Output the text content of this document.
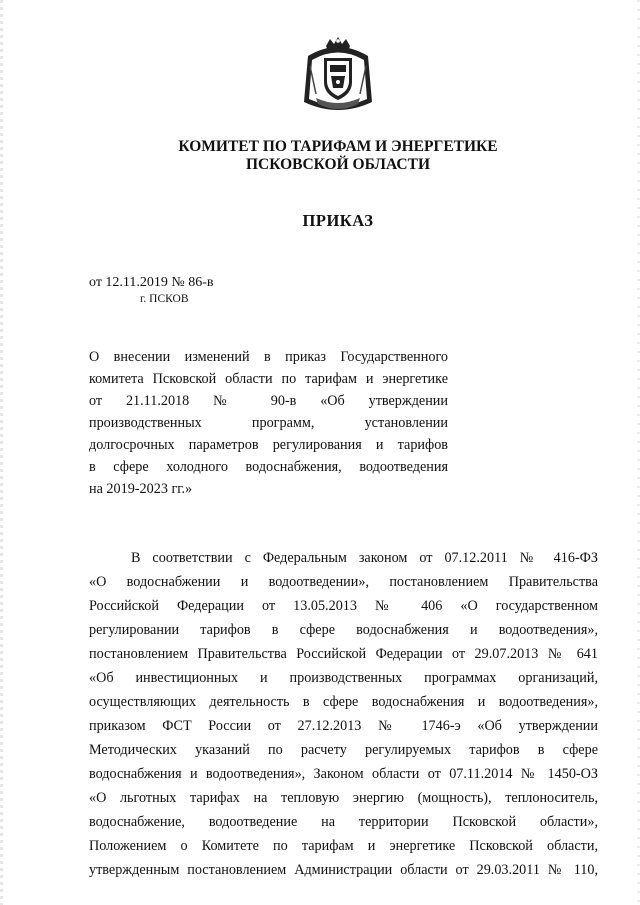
КОМИТЕТ ПО ТАРИФАМ И ЭНЕРГЕТИКЕ
ПСКОВСКОЙ ОБЛАСТИ
ПРИКАЗ
от 12.11.2019 № 86-в
г. ПСКОВ
О внесении изменений в приказ Государственного
комитета Псковской области по тарифам и энергетике
от 21.11.2018 № 90-в «Об утверждении
производственных программ, установлении
долгосрочных параметров регулирования и тарифов
в сфере холодного водоснабжения, водоотведения
на 2019-2023 гг.»
В соответствии с Федеральным законом от 07.12.2011 № 416-ФЗ
«О водоснабжении и водоотведении», постановлением Правительства
Российской Федерации от 13.05.2013 № 406 «О государственном
регулировании тарифов в сфере водоснабжения и водоотведения»,
постановлением Правительства Российской Федерации от 29.07.2013 № 641
«Об инвестиционных и производственных программах организаций,
осуществляющих деятельность в сфере водоснабжения и водоотведения»,
приказом ФСТ России от 27.12.2013 № 1746-э «Об утверждении
Методических указаний по расчету регулируемых тарифов в сфере
водоснабжения и водоотведения», Законом области от 07.11.2014 № 1450-ОЗ
«О льготных тарифах на тепловую энергию (мощность), теплоноситель,
водоснабжение, водоотведение на территории Псковской области»,
Положением о Комитете по тарифам и энергетике Псковской области,
утвержденным постановлением Администрации области от 29.03.2011 № 110,
